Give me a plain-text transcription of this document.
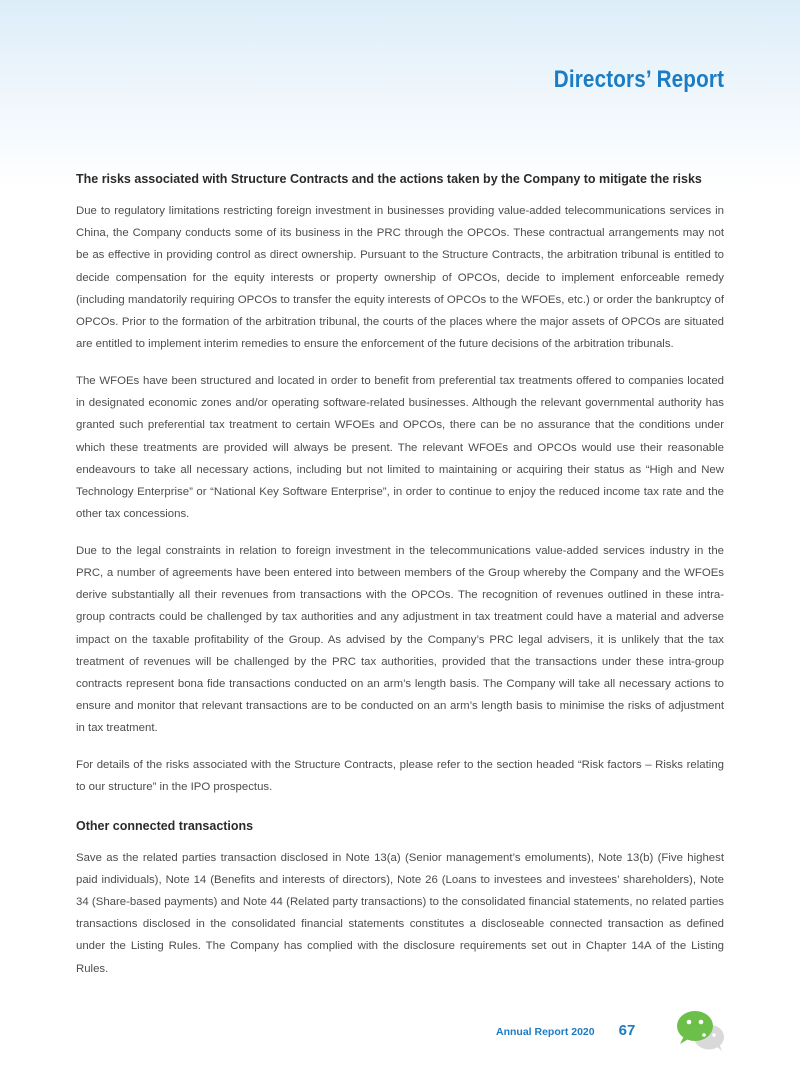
Directors’ Report
The risks associated with Structure Contracts and the actions taken by the Company to mitigate the risks

Due to regulatory limitations restricting foreign investment in businesses providing value-added telecommunications services in China, the Company conducts some of its business in the PRC through the OPCOs. These contractual arrangements may not be as effective in providing control as direct ownership. Pursuant to the Structure Contracts, the arbitration tribunal is entitled to decide compensation for the equity interests or property ownership of OPCOs, decide to implement enforceable remedy (including mandatorily requiring OPCOs to transfer the equity interests of OPCOs to the WFOEs, etc.) or order the bankruptcy of OPCOs. Prior to the formation of the arbitration tribunal, the courts of the places where the major assets of OPCOs are situated are entitled to implement interim remedies to ensure the enforcement of the future decisions of the arbitration tribunals.

The WFOEs have been structured and located in order to benefit from preferential tax treatments offered to companies located in designated economic zones and/or operating software-related businesses. Although the relevant governmental authority has granted such preferential tax treatment to certain WFOEs and OPCOs, there can be no assurance that the conditions under which these treatments are provided will always be present. The relevant WFOEs and OPCOs would use their reasonable endeavours to take all necessary actions, including but not limited to maintaining or acquiring their status as “High and New Technology Enterprise” or “National Key Software Enterprise”, in order to continue to enjoy the reduced income tax rate and the other tax concessions.

Due to the legal constraints in relation to foreign investment in the telecommunications value-added services industry in the PRC, a number of agreements have been entered into between members of the Group whereby the Company and the WFOEs derive substantially all their revenues from transactions with the OPCOs. The recognition of revenues outlined in these intra-group contracts could be challenged by tax authorities and any adjustment in tax treatment could have a material and adverse impact on the taxable profitability of the Group. As advised by the Company’s PRC legal advisers, it is unlikely that the tax treatment of revenues will be challenged by the PRC tax authorities, provided that the transactions under these intra-group contracts represent bona fide transactions conducted on an arm’s length basis. The Company will take all necessary actions to ensure and monitor that relevant transactions are to be conducted on an arm’s length basis to minimise the risks of adjustment in tax treatment.

For details of the risks associated with the Structure Contracts, please refer to the section headed “Risk factors – Risks relating to our structure” in the IPO prospectus.

Other connected transactions

Save as the related parties transaction disclosed in Note 13(a) (Senior management’s emoluments), Note 13(b) (Five highest paid individuals), Note 14 (Benefits and interests of directors), Note 26 (Loans to investees and investees’ shareholders), Note 34 (Share-based payments) and Note 44 (Related party transactions) to the consolidated financial statements, no related parties transactions disclosed in the consolidated financial statements constitutes a discloseable connected transaction as defined under the Listing Rules. The Company has complied with the disclosure requirements set out in Chapter 14A of the Listing Rules.

Annual Report 2020 67
